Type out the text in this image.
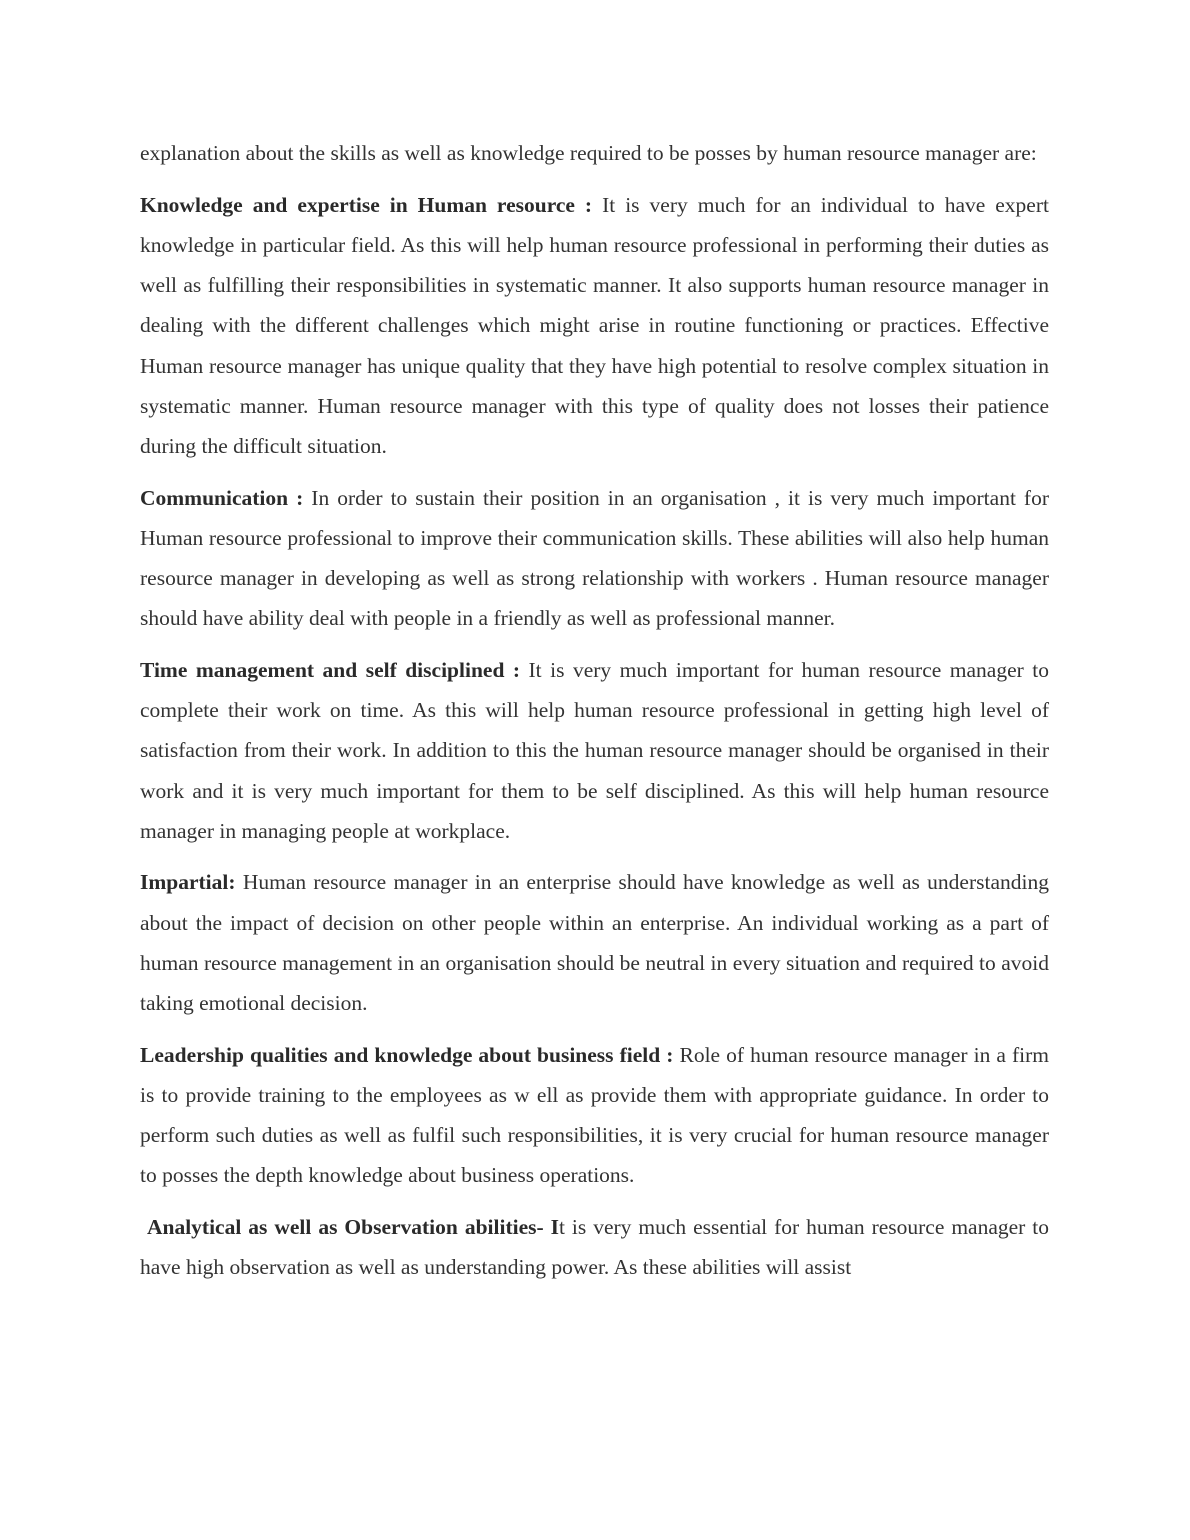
explanation about the skills as well as knowledge required to be posses by human resource manager are:

Knowledge and expertise in Human resource : It is very much for an individual to have expert knowledge in particular field. As this will help human resource professional in performing their duties as well as fulfilling their responsibilities in systematic manner. It also supports human resource manager in dealing with the different challenges which might arise in routine functioning or practices. Effective Human resource manager has unique quality that they have high potential to resolve complex situation in systematic manner. Human resource manager with this type of quality does not losses their patience during the difficult situation.

Communication : In order to sustain their position in an organisation , it is very much important for Human resource professional to improve their communication skills. These abilities will also help human resource manager in developing as well as strong relationship with workers . Human resource manager should have ability deal with people in a friendly as well as professional manner.

Time management and self disciplined : It is very much important for human resource manager to complete their work on time. As this will help human resource professional in getting high level of satisfaction from their work. In addition to this the human resource manager should be organised in their work and it is very much important for them to be self disciplined. As this will help human resource manager in managing people at workplace.

Impartial: Human resource manager in an enterprise should have knowledge as well as understanding about the impact of decision on other people within an enterprise. An individual working as a part of human resource management in an organisation should be neutral in every situation and required to avoid taking emotional decision.

Leadership qualities and knowledge about business field : Role of human resource manager in a firm is to provide training to the employees as w ell as provide them with appropriate guidance. In order to perform such duties as well as fulfil such responsibilities, it is very crucial for human resource manager to posses the depth knowledge about business operations.

Analytical as well as Observation abilities- It is very much essential for human resource manager to have high observation as well as understanding power. As these abilities will assist
